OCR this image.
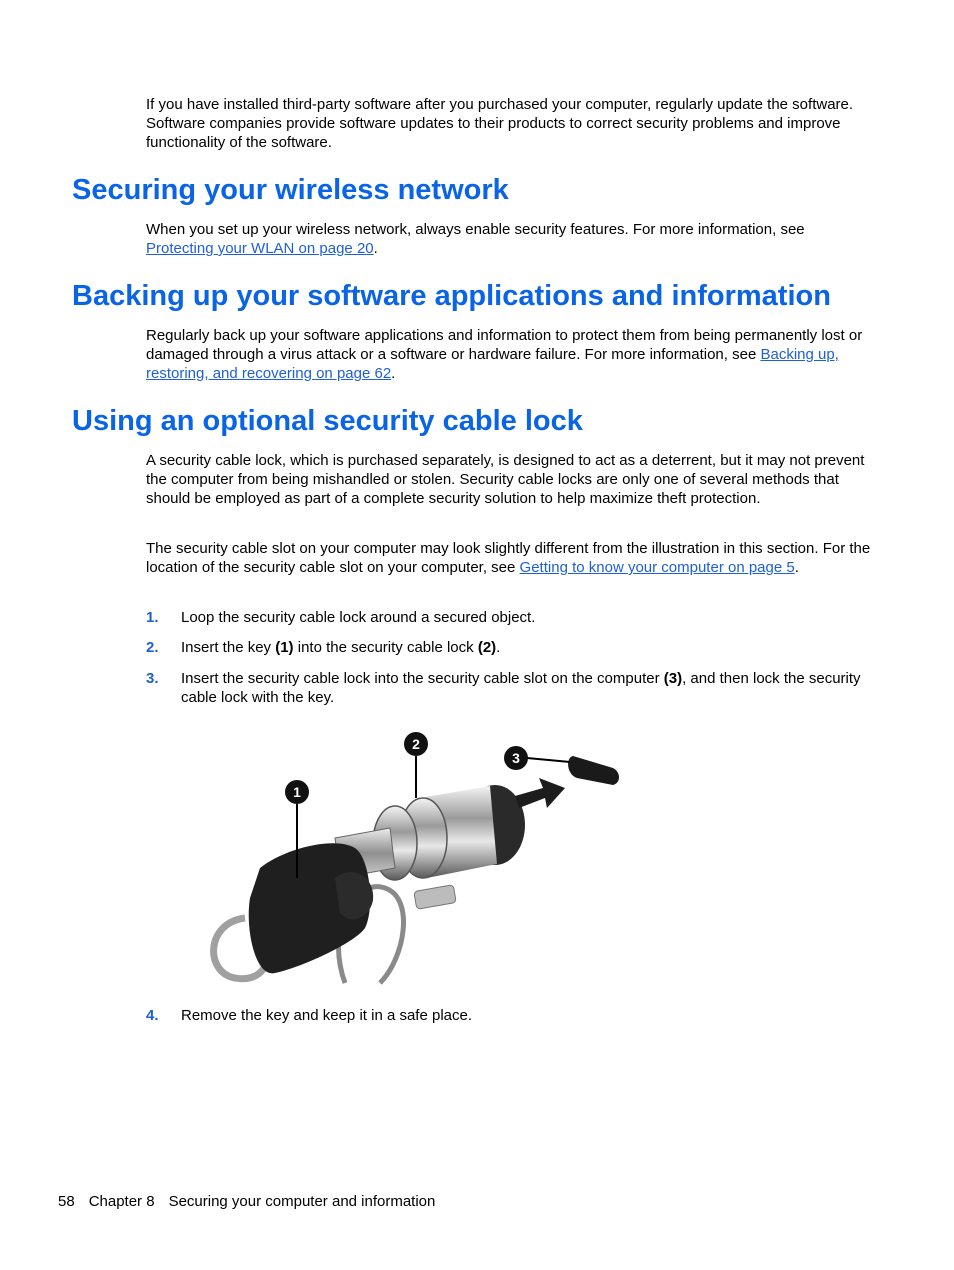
If you have installed third-party software after you purchased your computer, regularly update the software. Software companies provide software updates to their products to correct security problems and improve functionality of the software.

Securing your wireless network

When you set up your wireless network, always enable security features. For more information, see Protecting your WLAN on page 20.

Backing up your software applications and information

Regularly back up your software applications and information to protect them from being permanently lost or damaged through a virus attack or a software or hardware failure. For more information, see Backing up, restoring, and recovering on page 62.

Using an optional security cable lock

A security cable lock, which is purchased separately, is designed to act as a deterrent, but it may not prevent the computer from being mishandled or stolen. Security cable locks are only one of several methods that should be employed as part of a complete security solution to help maximize theft protection.

The security cable slot on your computer may look slightly different from the illustration in this section. For the location of the security cable slot on your computer, see Getting to know your computer on page 5.

1. Loop the security cable lock around a secured object.
2. Insert the key (1) into the security cable lock (2).
3. Insert the security cable lock into the security cable slot on the computer (3), and then lock the security cable lock with the key.
1
2
3
4. Remove the key and keep it in a safe place.
58 Chapter 8 Securing your computer and information
